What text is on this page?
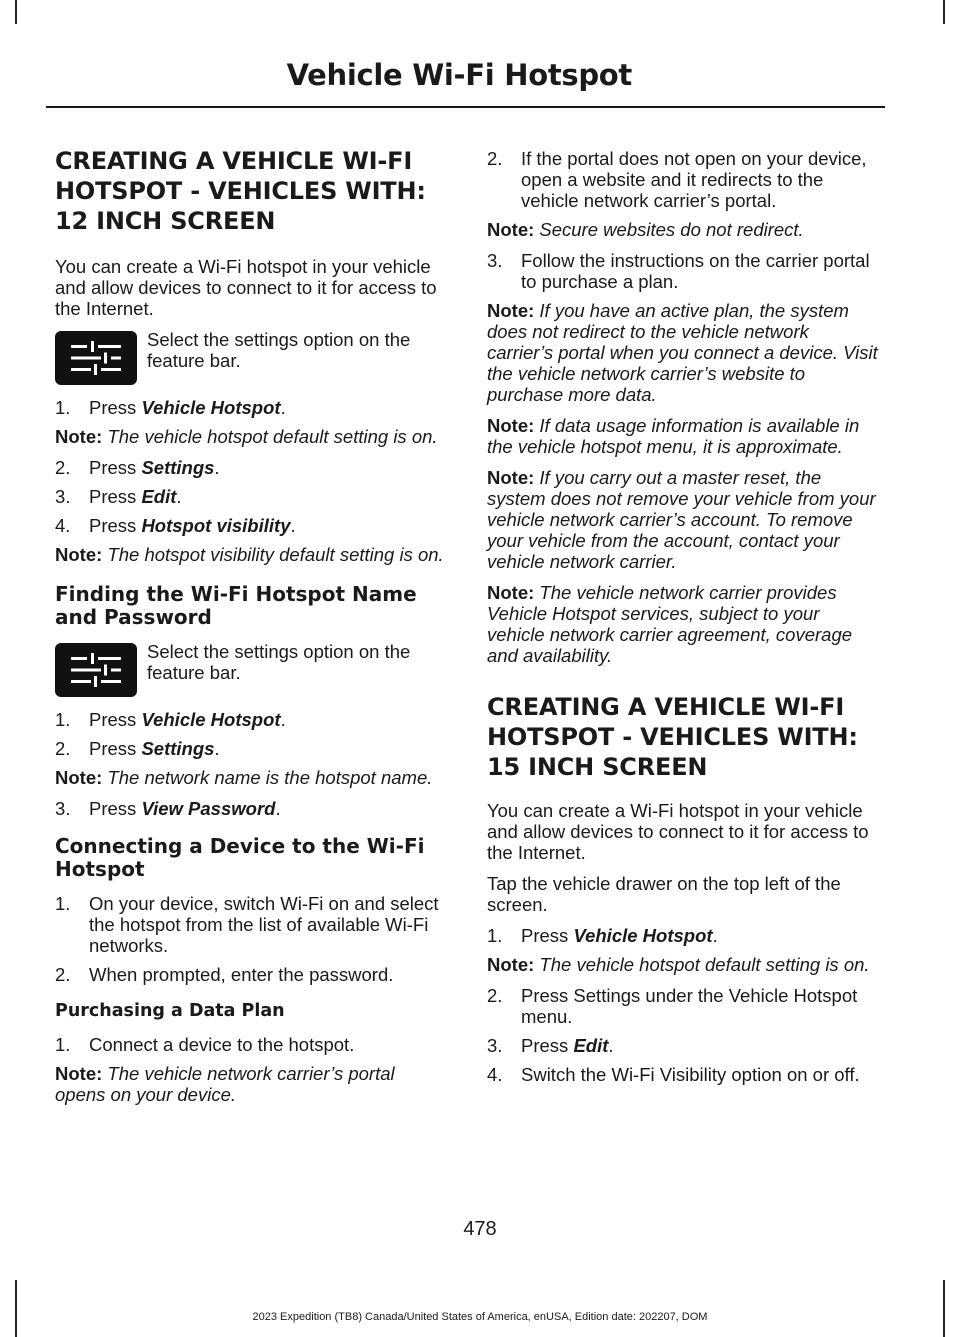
Vehicle Wi-Fi Hotspot
CREATING A VEHICLE WI-FI
HOTSPOT - VEHICLES WITH:
12 INCH SCREEN

You can create a Wi-Fi hotspot in your vehicle and allow devices to connect to it for access to the Internet.

Select the settings option on the feature bar.
1.	Press Vehicle Hotspot.

Note: The vehicle hotspot default setting is on.

2.	Press Settings.
3.	Press Edit.
4.	Press Hotspot visibility.

Note: The hotspot visibility default setting is on.

Finding the Wi-Fi Hotspot Name and Password
Select the settings option on the feature bar.
1.	Press Vehicle Hotspot.
2.	Press Settings.

Note: The network name is the hotspot name.

3.	Press View Password.
Connecting a Device to the Wi-Fi Hotspot
1.	On your device, switch Wi-Fi on and select the hotspot from the list of available Wi-Fi networks.
2.	When prompted, enter the password.
Purchasing a Data Plan
1.	Connect a device to the hotspot.

Note: The vehicle network carrier’s portal opens on your device.

2.	If the portal does not open on your device, open a website and it redirects to the vehicle network carrier’s portal.

Note: Secure websites do not redirect.

3.	Follow the instructions on the carrier portal to purchase a plan.

Note: If you have an active plan, the system does not redirect to the vehicle network carrier’s portal when you connect a device. Visit the vehicle network carrier’s website to purchase more data.

Note: If data usage information is available in the vehicle hotspot menu, it is approximate.

Note: If you carry out a master reset, the system does not remove your vehicle from your vehicle network carrier’s account. To remove your vehicle from the account, contact your vehicle network carrier.

Note: The vehicle network carrier provides Vehicle Hotspot services, subject to your vehicle network carrier agreement, coverage and availability.

CREATING A VEHICLE WI-FI
HOTSPOT - VEHICLES WITH:
15 INCH SCREEN

You can create a Wi-Fi hotspot in your vehicle and allow devices to connect to it for access to the Internet.

Tap the vehicle drawer on the top left of the screen.

1.	Press Vehicle Hotspot.

Note: The vehicle hotspot default setting is on.

2.	Press Settings under the Vehicle Hotspot menu.
3.	Press Edit.
4.	Switch the Wi-Fi Visibility option on or off.
478
2023 Expedition (TB8) Canada/United States of America, enUSA, Edition date: 202207, DOM
